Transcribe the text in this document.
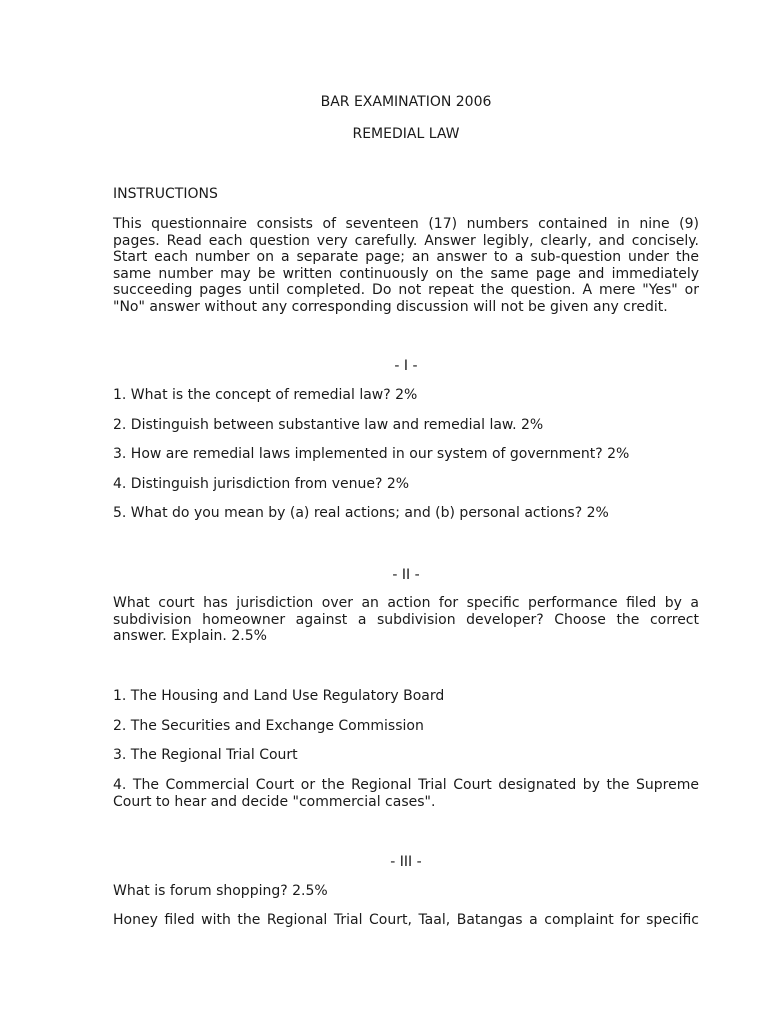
BAR EXAMINATION 2006
REMEDIAL LAW
INSTRUCTIONS
This questionnaire consists of seventeen (17) numbers contained in nine (9) pages. Read each question very carefully. Answer legibly, clearly, and concisely. Start each number on a separate page; an answer to a sub-question under the same number may be written continuously on the same page and immediately succeeding pages until completed. Do not repeat the question. A mere "Yes" or "No" answer without any corresponding discussion will not be given any credit.
- I -
1. What is the concept of remedial law? 2%
2. Distinguish between substantive law and remedial law. 2%
3. How are remedial laws implemented in our system of government? 2%
4. Distinguish jurisdiction from venue? 2%
5. What do you mean by (a) real actions; and (b) personal actions? 2%
- II -
What court has jurisdiction over an action for specific performance filed by a subdivision homeowner against a subdivision developer? Choose the correct answer. Explain. 2.5%
1. The Housing and Land Use Regulatory Board
2. The Securities and Exchange Commission
3. The Regional Trial Court
4. The Commercial Court or the Regional Trial Court designated by the Supreme Court to hear and decide "commercial cases".
- III -
What is forum shopping? 2.5%
Honey filed with the Regional Trial Court, Taal, Batangas a complaint for specific
